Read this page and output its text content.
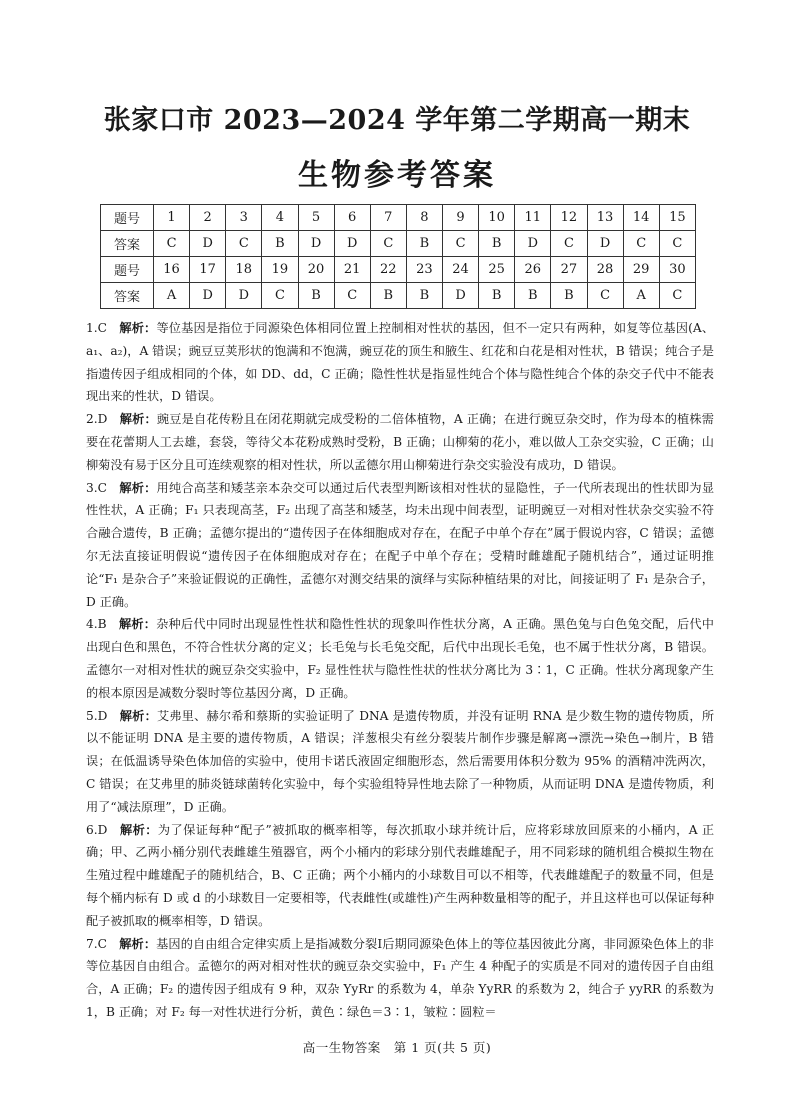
张家口市 2023—2024 学年第二学期高一期末
生物参考答案
题号	1	2	3	4	5	6	7	8	9	10	11	12	13	14	15
答案	C	D	C	B	D	D	C	B	C	B	D	C	D	C	C
题号	16	17	18	19	20	21	22	23	24	25	26	27	28	29	30
答案	A	D	D	C	B	C	B	B	D	B	B	B	C	A	C

1.C  解析：等位基因是指位于同源染色体相同位置上控制相对性状的基因，但不一定只有两种，如复等位基因(A、a₁、a₂)，A 错误；豌豆豆荚形状的饱满和不饱满，豌豆花的顶生和腋生、红花和白花是相对性状，B 错误；纯合子是指遗传因子组成相同的个体，如 DD、dd，C 正确；隐性性状是指显性纯合个体与隐性纯合个体的杂交子代中不能表现出来的性状，D 错误。

2.D  解析：豌豆是自花传粉且在闭花期就完成受粉的二倍体植物，A 正确；在进行豌豆杂交时，作为母本的植株需要在花蕾期人工去雄，套袋，等待父本花粉成熟时受粉，B 正确；山柳菊的花小，难以做人工杂交实验，C 正确；山柳菊没有易于区分且可连续观察的相对性状，所以孟德尔用山柳菊进行杂交实验没有成功，D 错误。

3.C  解析：用纯合高茎和矮茎亲本杂交可以通过后代表型判断该相对性状的显隐性，子一代所表现出的性状即为显性性状，A 正确；F₁ 只表现高茎，F₂ 出现了高茎和矮茎，均未出现中间表型，证明豌豆一对相对性状杂交实验不符合融合遗传，B 正确；孟德尔提出的“遗传因子在体细胞成对存在，在配子中单个存在”属于假说内容，C 错误；孟德尔无法直接证明假说“遗传因子在体细胞成对存在；在配子中单个存在；受精时雌雄配子随机结合”，通过证明推论“F₁ 是杂合子”来验证假说的正确性，孟德尔对测交结果的演绎与实际种植结果的对比，间接证明了 F₁ 是杂合子，D 正确。

4.B  解析：杂种后代中同时出现显性性状和隐性性状的现象叫作性状分离，A 正确。黑色兔与白色兔交配，后代中出现白色和黑色，不符合性状分离的定义；长毛兔与长毛兔交配，后代中出现长毛兔，也不属于性状分离，B 错误。孟德尔一对相对性状的豌豆杂交实验中，F₂ 显性性状与隐性性状的性状分离比为 3∶1，C 正确。性状分离现象产生的根本原因是减数分裂时等位基因分离，D 正确。

5.D  解析：艾弗里、赫尔希和蔡斯的实验证明了 DNA 是遗传物质，并没有证明 RNA 是少数生物的遗传物质，所以不能证明 DNA 是主要的遗传物质，A 错误；洋葱根尖有丝分裂装片制作步骤是解离→漂洗→染色→制片，B 错误；在低温诱导染色体加倍的实验中，使用卡诺氏液固定细胞形态，然后需要用体积分数为 95% 的酒精冲洗两次，C 错误；在艾弗里的肺炎链球菌转化实验中，每个实验组特异性地去除了一种物质，从而证明 DNA 是遗传物质，利用了“减法原理”，D 正确。

6.D  解析：为了保证每种“配子”被抓取的概率相等，每次抓取小球并统计后，应将彩球放回原来的小桶内，A 正确；甲、乙两小桶分别代表雌雄生殖器官，两个小桶内的彩球分别代表雌雄配子，用不同彩球的随机组合模拟生物在生殖过程中雌雄配子的随机结合，B、C 正确；两个小桶内的小球数目可以不相等，代表雌雄配子的数量不同，但是每个桶内标有 D 或 d 的小球数目一定要相等，代表雌性(或雄性)产生两种数量相等的配子，并且这样也可以保证每种配子被抓取的概率相等，D 错误。

7.C  解析：基因的自由组合定律实质上是指减数分裂Ⅰ后期同源染色体上的等位基因彼此分离，非同源染色体上的非等位基因自由组合。孟德尔的两对相对性状的豌豆杂交实验中，F₁ 产生 4 种配子的实质是不同对的遗传因子自由组合，A 正确；F₂ 的遗传因子组成有 9 种，双杂 YyRr 的系数为 4，单杂 YyRR 的系数为 2，纯合子 yyRR 的系数为 1，B 正确；对 F₂ 每一对性状进行分析，黄色∶绿色＝3∶1，皱粒∶圆粒＝

高一生物答案　第 1 页(共 5 页)
